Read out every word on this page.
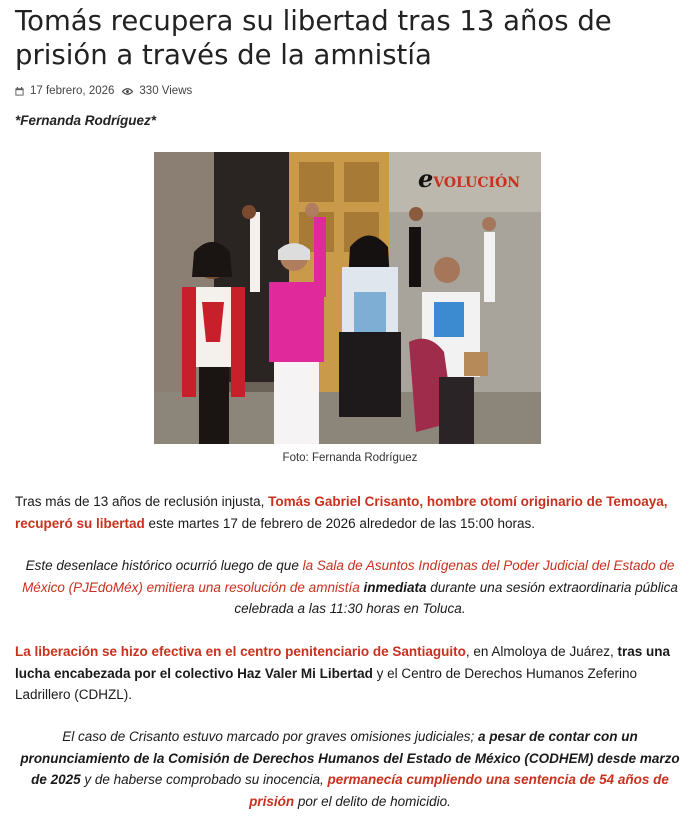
Tomás recupera su libertad tras 13 años de prisión a través de la amnistía
17 febrero, 2026 330 Views
*Fernanda Rodríguez*
e VOLUCIÓN
Foto: Fernanda Rodríguez

Tras más de 13 años de reclusión injusta, Tomás Gabriel Crisanto, hombre otomí originario de Temoaya, recuperó su libertad este martes 17 de febrero de 2026 alrededor de las 15:00 horas.

Este desenlace histórico ocurrió luego de que la Sala de Asuntos Indígenas del Poder Judicial del Estado de México (PJEdoMéx) emitiera una resolución de amnistía inmediata durante una sesión extraordinaria pública celebrada a las 11:30 horas en Toluca.

La liberación se hizo efectiva en el centro penitenciario de Santiaguito, en Almoloya de Juárez, tras una lucha encabezada por el colectivo Haz Valer Mi Libertad y el Centro de Derechos Humanos Zeferino Ladrillero (CDHZL).

El caso de Crisanto estuvo marcado por graves omisiones judiciales; a pesar de contar con un pronunciamiento de la Comisión de Derechos Humanos del Estado de México (CODHEM) desde marzo de 2025 y de haberse comprobado su inocencia, permanecía cumpliendo una sentencia de 54 años de prisión por el delito de homicidio.
